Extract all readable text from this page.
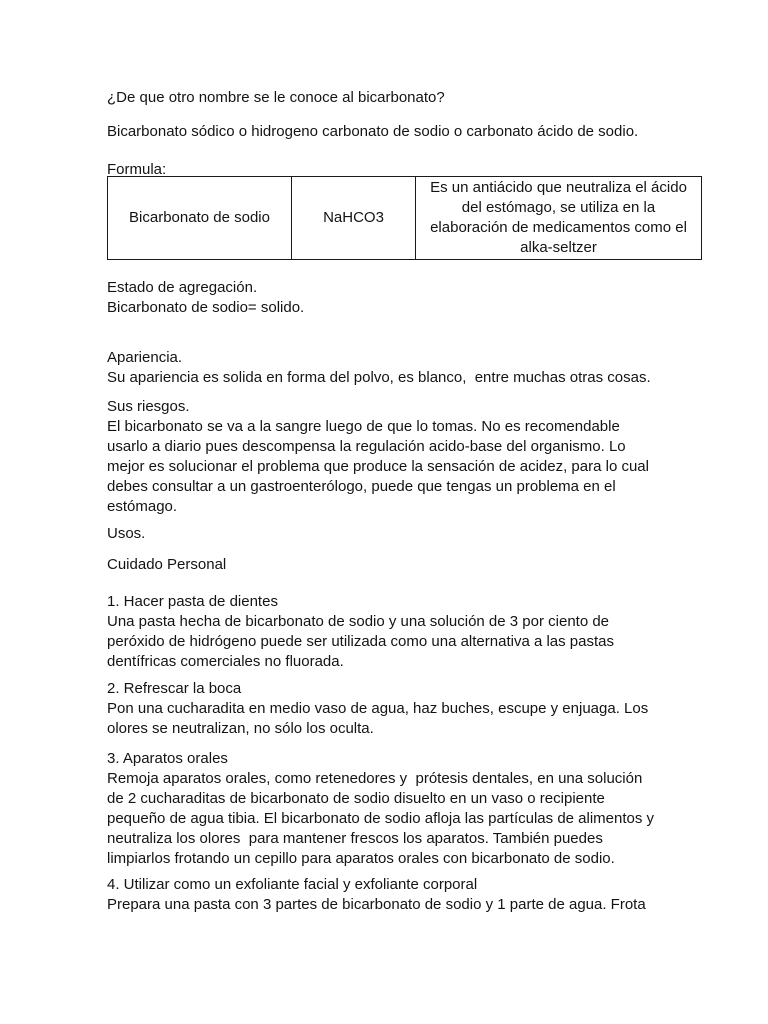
¿De que otro nombre se le conoce al bicarbonato?
Bicarbonato sódico o hidrogeno carbonato de sodio o carbonato ácido de sodio.
Formula:
Bicarbonato de sodio	NaHCO3	Es un antiácido que neutraliza el ácido del estómago, se utiliza en la elaboración de medicamentos como el alka-seltzer
Estado de agregación.
Bicarbonato de sodio= solido.
Apariencia.
Su apariencia es solida en forma del polvo, es blanco,  entre muchas otras cosas.
Sus riesgos.
El bicarbonato se va a la sangre luego de que lo tomas. No es recomendable usarlo a diario pues descompensa la regulación acido-base del organismo. Lo mejor es solucionar el problema que produce la sensación de acidez, para lo cual debes consultar a un gastroenterólogo, puede que tengas un problema en el estómago.
Usos.
Cuidado Personal
1. Hacer pasta de dientes
Una pasta hecha de bicarbonato de sodio y una solución de 3 por ciento de peróxido de hidrógeno puede ser utilizada como una alternativa a las pastas dentífricas comerciales no fluorada.
2. Refrescar la boca
Pon una cucharadita en medio vaso de agua, haz buches, escupe y enjuaga. Los olores se neutralizan, no sólo los oculta.
3. Aparatos orales
Remoja aparatos orales, como retenedores y  prótesis dentales, en una solución de 2 cucharaditas de bicarbonato de sodio disuelto en un vaso o recipiente pequeño de agua tibia. El bicarbonato de sodio afloja las partículas de alimentos y neutraliza los olores  para mantener frescos los aparatos. También puedes limpiarlos frotando un cepillo para aparatos orales con bicarbonato de sodio.
4. Utilizar como un exfoliante facial y exfoliante corporal
Prepara una pasta con 3 partes de bicarbonato de sodio y 1 parte de agua. Frota
